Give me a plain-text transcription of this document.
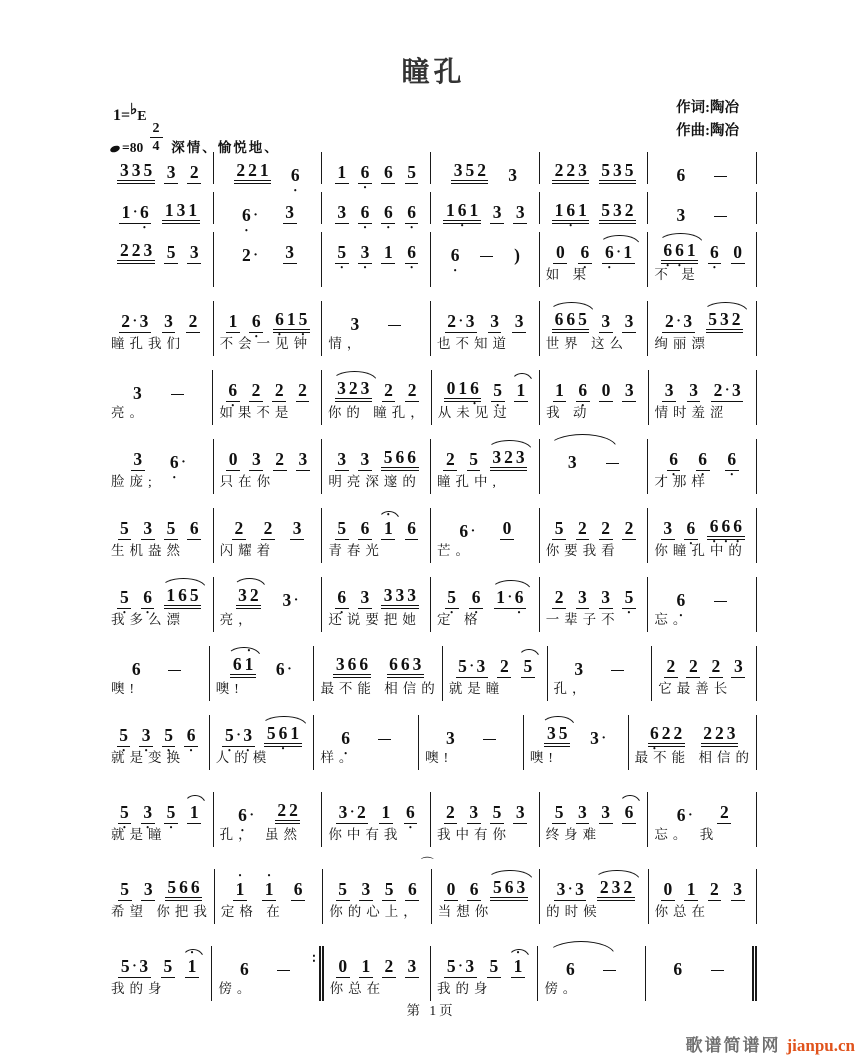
瞳孔
作词:陶冶
作曲:陶冶
1=♭E
$\frac{2}{4}$
=80 深情、愉悦地、
3 3 5 3 2 2 2 1 6 • 1 6 • 6 5 3 5 2 3 2 2 3 5 3 5 6
1 · 6 • 1 3 1	6 • · 3 3 6 • 6 • 6 • 1 6 • 1 3 3 1 6 • 1 5 3 2 3
2 2 3 5 3 2 · 3 5 • 3 • 1 6 • 6 •	) 0 6 • 6 • · 1
如 果
6 • 6 • 1 6 • 0
不 是
2 · 3 3 2
瞳孔我们
1 6 • 6 • 1 5 •
不会一见钟
3
情，
2 · 3 3 3
也不知道
6 6 5 3 3
世界 这么
2 · 3 5 3 2
绚丽漂
3
亮。
6 • 2 2 2
如果不是
3 2 3 2 2
你的 瞳孔，
0 1 6 • 5 • 1
从未见过
1 6 • 0 3
我 动
3 3 2 · 3
情时羞涩
3 6 • ·
脸庞;
0 3 2 3
只在你
3 3 5 6 6
明亮深邃的
2 5 3 2 3
瞳孔中,
3	6 • 6 • 6 •
才那样
5 3 5 6
生机盎然
2 2 3
闪耀着
5 6 • 1 6
青春光
6 · 0
芒。
5 2 2 2
你要我看
3 6 • 6 • 6 • 6 •
你瞳孔中的
5 • 6 • 1 6 5
我多么漂
3 2 3 ·
亮，
6 • 3 3 3 3
还说要把她
5 • 6 • 1 · 6 •
定 格
2 3 3 5 •
一辈子不
6 •
忘。
6
噢!
6 • 1 6 ·
噢!
3 6 6 6 6 3
最不能 相信的
5 · 3 2 5
就是瞳
3
孔，
2 2 2 3
它最善长
5 • 3 • 5 • 6 •
就是变换
5 • · 3 • 5 6 • 1
人的模
6 •
样。
3
噢!
3 5 3 ·
噢!
6 • 2 2 2 2 3
最不能 相信的
5 • 3 • 5 • 1
就是瞳
6 • · 2 2
孔， 虽然
3 · 2 1 6 •
你中有我
2 3 5 3
我中有你
5 3 3 6
终身难
6 · 2
忘。 我
5 3 5 6 6
希望 你把我
• 1 • 1 6
定格 在
5 3 5 6
你的心上，
⌒ 0 6 5 6 3
当想你
3 · 3 2 3 2
的时候
0 1 2 3
你总在
5 · 3 5 • 1
我的身
6
傍。
∶
0 1 2 3
你总在
5 · 3 5 • 1
我的身
6
傍。
6
第 1页
歌谱简谱网 jianpu.cn
